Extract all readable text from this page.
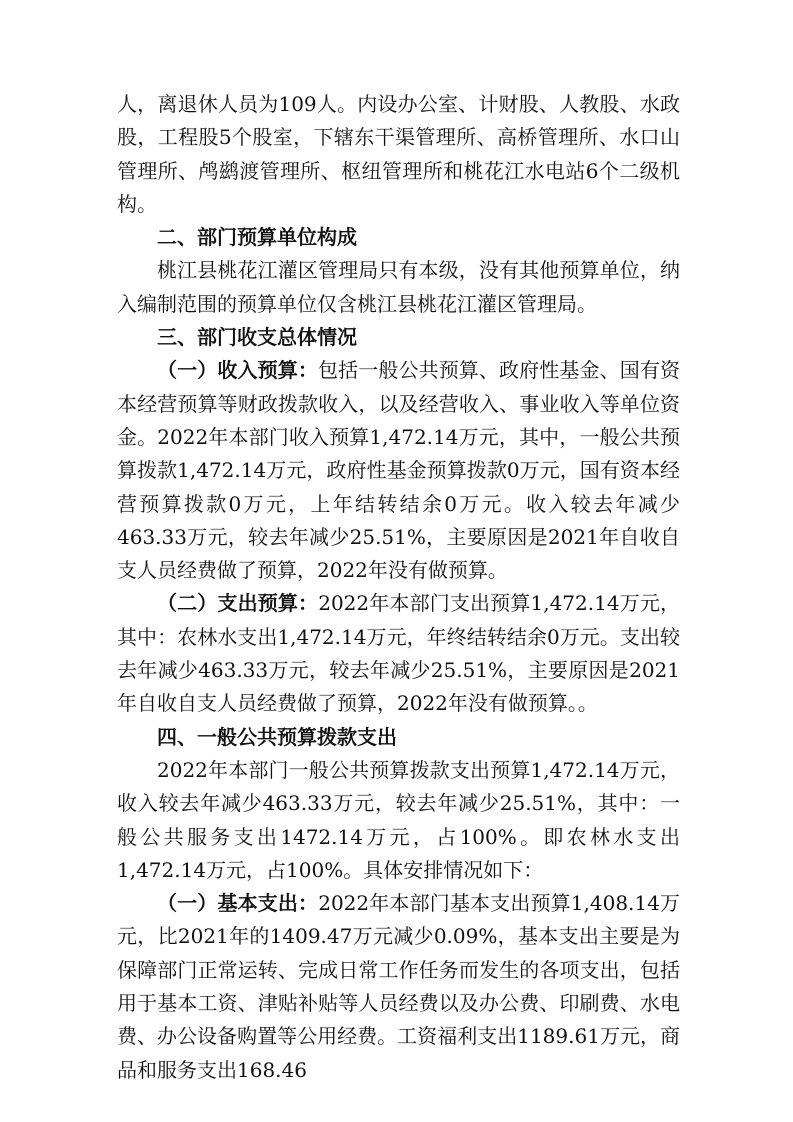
人，离退休人员为109人。内设办公室、计财股、人教股、水政股，工程股5个股室，下辖东干渠管理所、高桥管理所、水口山管理所、鸬鹚渡管理所、枢纽管理所和桃花江水电站6个二级机构。

二、部门预算单位构成

桃江县桃花江灌区管理局只有本级，没有其他预算单位，纳入编制范围的预算单位仅含桃江县桃花江灌区管理局。

三、部门收支总体情况

（一）收入预算：包括一般公共预算、政府性基金、国有资本经营预算等财政拨款收入，以及经营收入、事业收入等单位资金。2022年本部门收入预算1,472.14万元，其中，一般公共预算拨款1,472.14万元，政府性基金预算拨款0万元，国有资本经营预算拨款0万元，上年结转结余0万元。收入较去年减少463.33万元，较去年减少25.51%，主要原因是2021年自收自支人员经费做了预算，2022年没有做预算。

（二）支出预算：2022年本部门支出预算1,472.14万元，其中：农林水支出1,472.14万元，年终结转结余0万元。支出较去年减少463.33万元，较去年减少25.51%，主要原因是2021年自收自支人员经费做了预算，2022年没有做预算。。

四、一般公共预算拨款支出

2022年本部门一般公共预算拨款支出预算1,472.14万元，收入较去年减少463.33万元，较去年减少25.51%，其中：一般公共服务支出1472.14万元，占100%。即农林水支出1,472.14万元，占100%。具体安排情况如下：

（一）基本支出：2022年本部门基本支出预算1,408.14万元，比2021年的1409.47万元减少0.09%，基本支出主要是为保障部门正常运转、完成日常工作任务而发生的各项支出，包括用于基本工资、津贴补贴等人员经费以及办公费、印刷费、水电费、办公设备购置等公用经费。工资福利支出1189.61万元，商品和服务支出168.46
